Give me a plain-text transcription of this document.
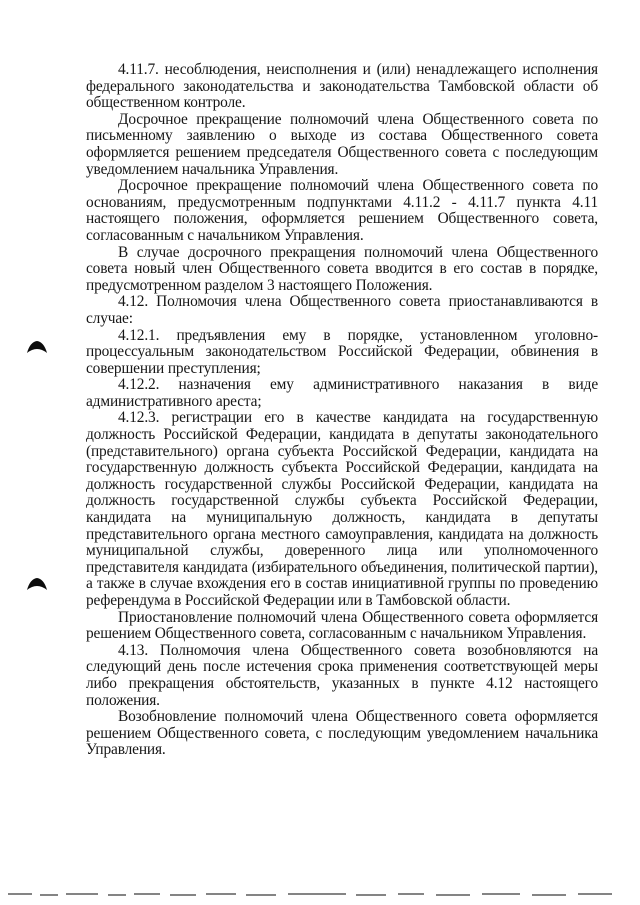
4.11.7. несоблюдения, неисполнения и (или) ненадлежащего исполнения федерального законодательства и законодательства Тамбовской области об общественном контроле.

Досрочное прекращение полномочий члена Общественного совета по письменному заявлению о выходе из состава Общественного совета оформляется решением председателя Общественного совета с последующим уведомлением начальника Управления.

Досрочное прекращение полномочий члена Общественного совета по основаниям, предусмотренным подпунктами 4.11.2 - 4.11.7 пункта 4.11 настоящего положения, оформляется решением Общественного совета, согласованным с начальником Управления.

В случае досрочного прекращения полномочий члена Общественного совета новый член Общественного совета вводится в его состав в порядке, предусмотренном разделом 3 настоящего Положения.

4.12. Полномочия члена Общественного совета приостанавливаются в случае:

4.12.1. предъявления ему в порядке, установленном уголовно-процессуальным законодательством Российской Федерации, обвинения в совершении преступления;

4.12.2. назначения ему административного наказания в виде административного ареста;

4.12.3. регистрации его в качестве кандидата на государственную должность Российской Федерации, кандидата в депутаты законодательного (представительного) органа субъекта Российской Федерации, кандидата на государственную должность субъекта Российской Федерации, кандидата на должность государственной службы Российской Федерации, кандидата на должность государственной службы субъекта Российской Федерации, кандидата на муниципальную должность, кандидата в депутаты представительного органа местного самоуправления, кандидата на должность муниципальной службы, доверенного лица или уполномоченного представителя кандидата (избирательного объединения, политической партии), а также в случае вхождения его в состав инициативной группы по проведению референдума в Российской Федерации или в Тамбовской области.

Приостановление полномочий члена Общественного совета оформляется решением Общественного совета, согласованным с начальником Управления.

4.13. Полномочия члена Общественного совета возобновляются на следующий день после истечения срока применения соответствующей меры либо прекращения обстоятельств, указанных в пункте 4.12 настоящего положения.

Возобновление полномочий члена Общественного совета оформляется решением Общественного совета, с последующим уведомлением начальника Управления.
